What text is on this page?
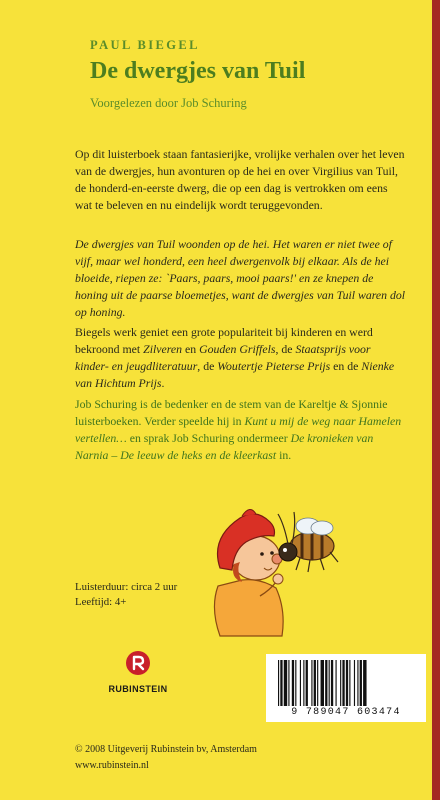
PAUL BIEGEL
De dwergjes van Tuil
Voorgelezen door Job Schuring

Op dit luisterboek staan fantasierijke, vrolijke verhalen over het leven van de dwergjes, hun avonturen op de hei en over Virgilius van Tuil, de honderd-en-eerste dwerg, die op een dag is vertrokken om eens wat te beleven en nu eindelijk wordt teruggevonden.

De dwergjes van Tuil woonden op de hei. Het waren er niet twee of vijf, maar wel honderd, een heel dwergenvolk bij elkaar. Als de hei bloeide, riepen ze: `Paars, paars, mooi paars!' en ze knepen de honing uit de paarse bloemetjes, want de dwergjes van Tuil waren dol op honing.

Biegels werk geniet een grote populariteit bij kinderen en werd bekroond met Zilveren en Gouden Griffels, de Staatsprijs voor kinder- en jeugdliteratuur, de Woutertje Pieterse Prijs en de Nienke van Hichtum Prijs.

Job Schuring is de bedenker en de stem van de Kareltje & Sjonnie luisterboeken. Verder speelde hij in Kunt u mij de weg naar Hamelen vertellen… en sprak Job Schuring ondermeer De kronieken van Narnia – De leeuw de heks en de kleerkast in.

Luisterduur: circa 2 uur
Leeftijd: 4+
RUBINSTEIN
© 2008 Uitgeverij Rubinstein bv, Amsterdam
www.rubinstein.nl
9 789047 603474
